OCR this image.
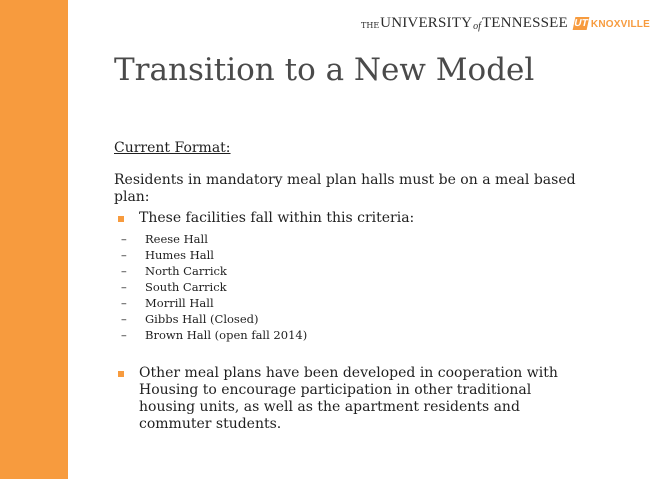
THE UNIVERSITY of TENNESSEE UT KNOXVILLE
Transition to a New Model

Current Format:

Residents in mandatory meal plan halls must be on a meal based plan:

These facilities fall within this criteria:
–	Reese Hall
–	Humes Hall
–	North Carrick
–	South Carrick
–	Morrill Hall
–	Gibbs Hall (Closed)
–	Brown Hall (open fall 2014)
Other meal plans have been developed in cooperation with Housing to encourage participation in other traditional housing units, as well as the apartment residents and commuter students.
